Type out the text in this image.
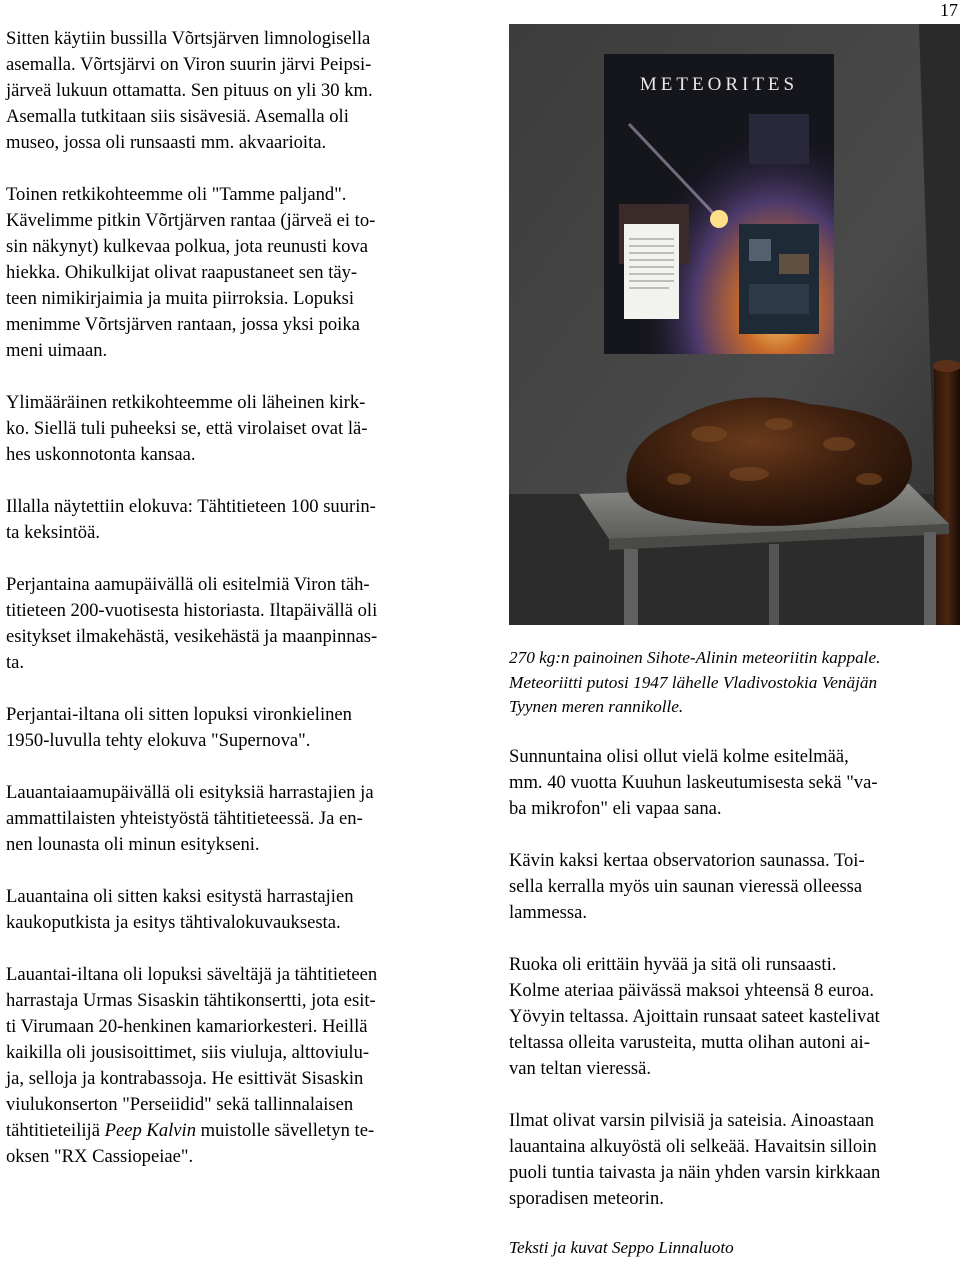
17

Sitten käytiin bussilla Võrtsjärven limnologisella
asemalla. Võrtsjärvi on Viron suurin järvi Peipsi-
järveä lukuun ottamatta. Sen pituus on yli 30 km.
Asemalla tutkitaan siis sisävesiä. Asemalla oli
museo, jossa oli runsaasti mm. akvaarioita.

Toinen retkikohteemme oli "Tamme paljand".
Kävelimme pitkin Võrtjärven rantaa (järveä ei to-
sin näkynyt) kulkevaa polkua, jota reunusti kova
hiekka. Ohikulkijat olivat raapustaneet sen täy-
teen nimikirjaimia ja muita piirroksia. Lopuksi
menimme Võrtsjärven rantaan, jossa yksi poika
meni uimaan.

Ylimääräinen retkikohteemme oli läheinen kirk-
ko. Siellä tuli puheeksi se, että virolaiset ovat lä-
hes uskonnotonta kansaa.

Illalla näytettiin elokuva: Tähtitieteen 100 suurin-
ta keksintöä.

Perjantaina aamupäivällä oli esitelmiä Viron täh-
titieteen 200-vuotisesta historiasta. Iltapäivällä oli
esitykset ilmakehästä, vesikehästä ja maanpinnas-
ta.

Perjantai-iltana oli sitten lopuksi vironkielinen
1950-luvulla tehty elokuva "Supernova".

Lauantaiaamupäivällä oli esityksiä harrastajien ja
ammattilaisten yhteistyöstä tähtitieteessä. Ja en-
nen lounasta oli minun esitykseni.

Lauantaina oli sitten kaksi esitystä harrastajien
kaukoputkista ja esitys tähtivalokuvauksesta.

Lauantai-iltana oli lopuksi säveltäjä ja tähtitieteen
harrastaja Urmas Sisaskin tähtikonsertti, jota esit-
ti Virumaan 20-henkinen kamariorkesteri. Heillä
kaikilla oli jousisoittimet, siis viuluja, alttoviulu-
ja, selloja ja kontrabassoja. He esittivät Sisaskin
viulukonserton "Perseiidid" sekä tallinnalaisen
tähtitieteilijä Peep Kalvin muistolle sävelletyn te-
oksen "RX Cassiopeiae".

METEORITES
270 kg:n painoinen Sihote-Alinin meteoriitin kappale.
Meteoriitti putosi 1947 lähelle Vladivostokia Venäjän
Tyynen meren rannikolle.

Sunnuntaina olisi ollut vielä kolme esitelmää,
mm. 40 vuotta Kuuhun laskeutumisesta sekä "va-
ba mikrofon" eli vapaa sana.

Kävin kaksi kertaa observatorion saunassa. Toi-
sella kerralla myös uin saunan vieressä olleessa
lammessa.

Ruoka oli erittäin hyvää ja sitä oli runsaasti.
Kolme ateriaa päivässä maksoi yhteensä 8 euroa.
Yövyin teltassa. Ajoittain runsaat sateet kastelivat
teltassa olleita varusteita, mutta olihan autoni ai-
van teltan vieressä.

Ilmat olivat varsin pilvisiä ja sateisia. Ainoastaan
lauantaina alkuyöstä oli selkeää. Havaitsin silloin
puoli tuntia taivasta ja näin yhden varsin kirkkaan
sporadisen meteorin.

Teksti ja kuvat Seppo Linnaluoto
